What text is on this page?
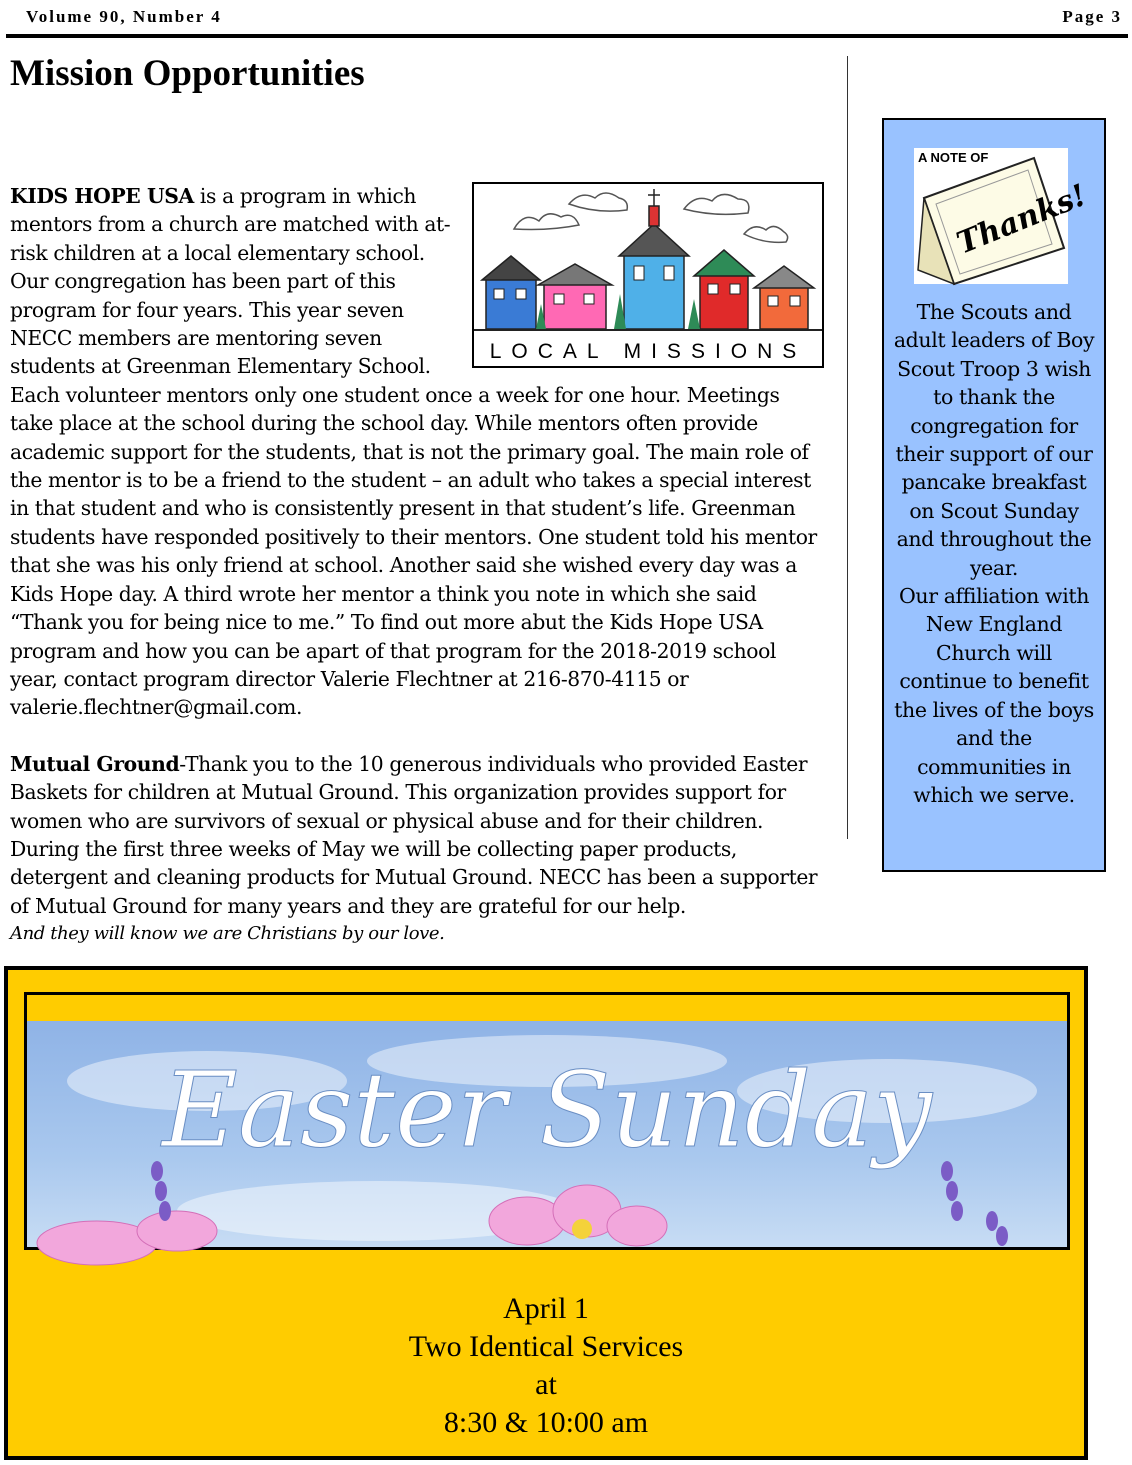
Volume 90, Number 4	Page 3
Mission Opportunities
LOCAL MISSIONS

KIDS HOPE USA is a program in which mentors from a church are matched with at-risk children at a local elementary school. Our congregation has been part of this program for four years. This year seven NECC members are mentoring seven students at Greenman Elementary School. Each volunteer mentors only one student once a week for one hour. Meetings take place at the school during the school day. While mentors often provide academic support for the students, that is not the primary goal. The main role of the mentor is to be a friend to the student – an adult who takes a special interest in that student and who is consistently present in that student’s life. Greenman students have responded positively to their mentors. One student told his mentor that she was his only friend at school. Another said she wished every day was a Kids Hope day. A third wrote her mentor a think you note in which she said “Thank you for being nice to me.” To find out more abut the Kids Hope USA program and how you can be apart of that program for the 2018-2019 school year, contact program director Valerie Flechtner at 216-870-4115 or valerie.flechtner@gmail.com.

Mutual Ground-Thank you to the 10 generous individuals who provided Easter Baskets for children at Mutual Ground. This organization provides support for women who are survivors of sexual or physical abuse and for their children. During the first three weeks of May we will be collecting paper products, detergent and cleaning products for Mutual Ground. NECC has been a supporter of Mutual Ground for many years and they are grateful for our help.

And they will know we are Christians by our love.

A NOTE OF
Thanks!

The Scouts and adult leaders of Boy Scout Troop 3 wish to thank the congregation for their support of our pancake breakfast on Scout Sunday and throughout the year.

Our affiliation with New England Church will continue to benefit the lives of the boys and the communities in which we serve.

Easter Sunday
April 1
Two Identical Services
at
8:30 & 10:00 am
